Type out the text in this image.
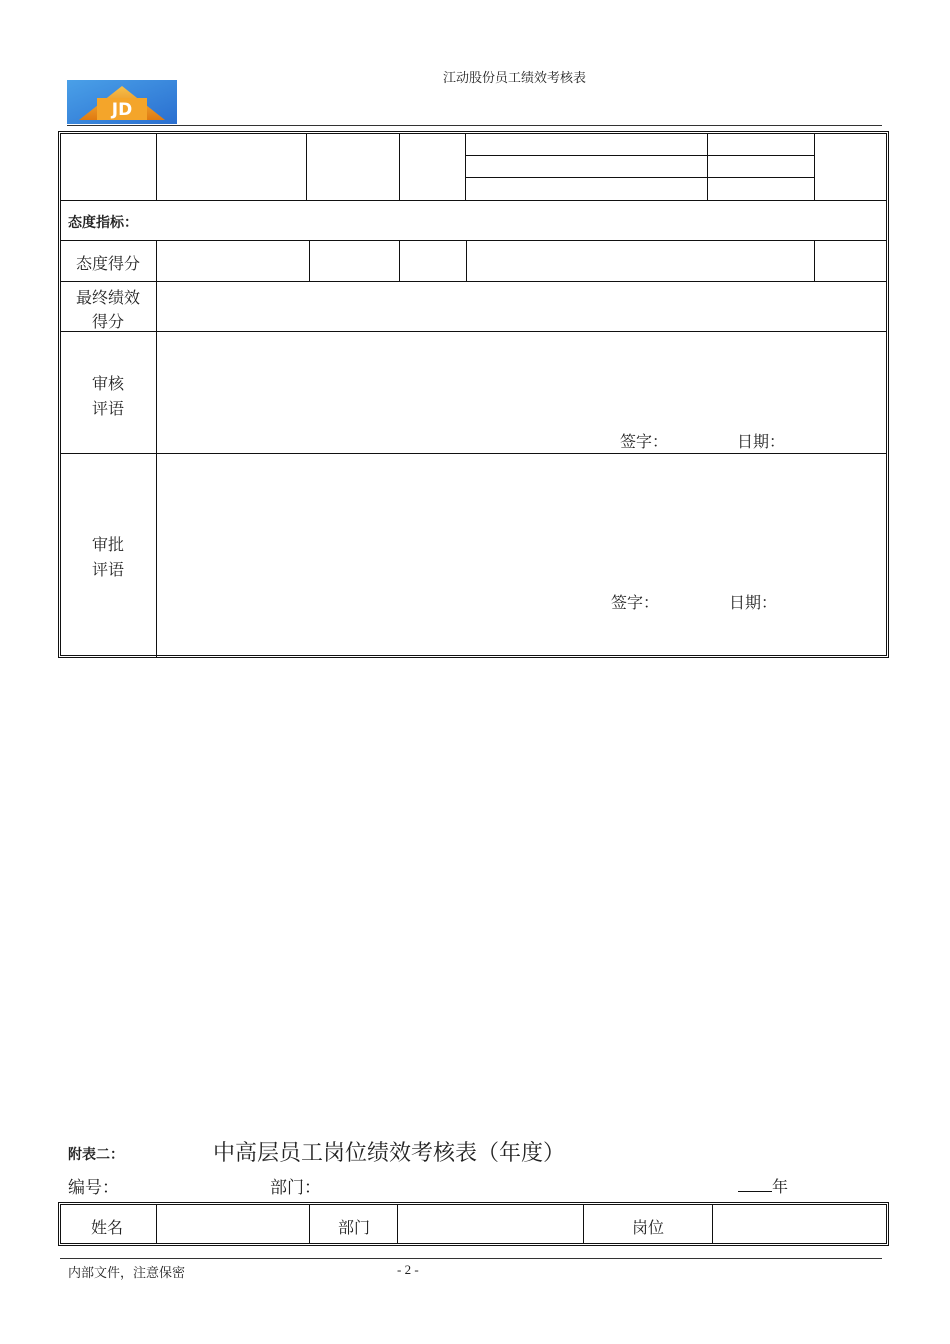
江动股份员工绩效考核表
JD
态度指标：
态度得分
最终绩效
得分
审核
评语
签字：	日期：
审批
评语
签字：	日期：
附表二：	中高层员工岗位绩效考核表（年度）
编号：	部门：	年
姓名	部门	岗位
内部文件，注意保密	- 2 -
